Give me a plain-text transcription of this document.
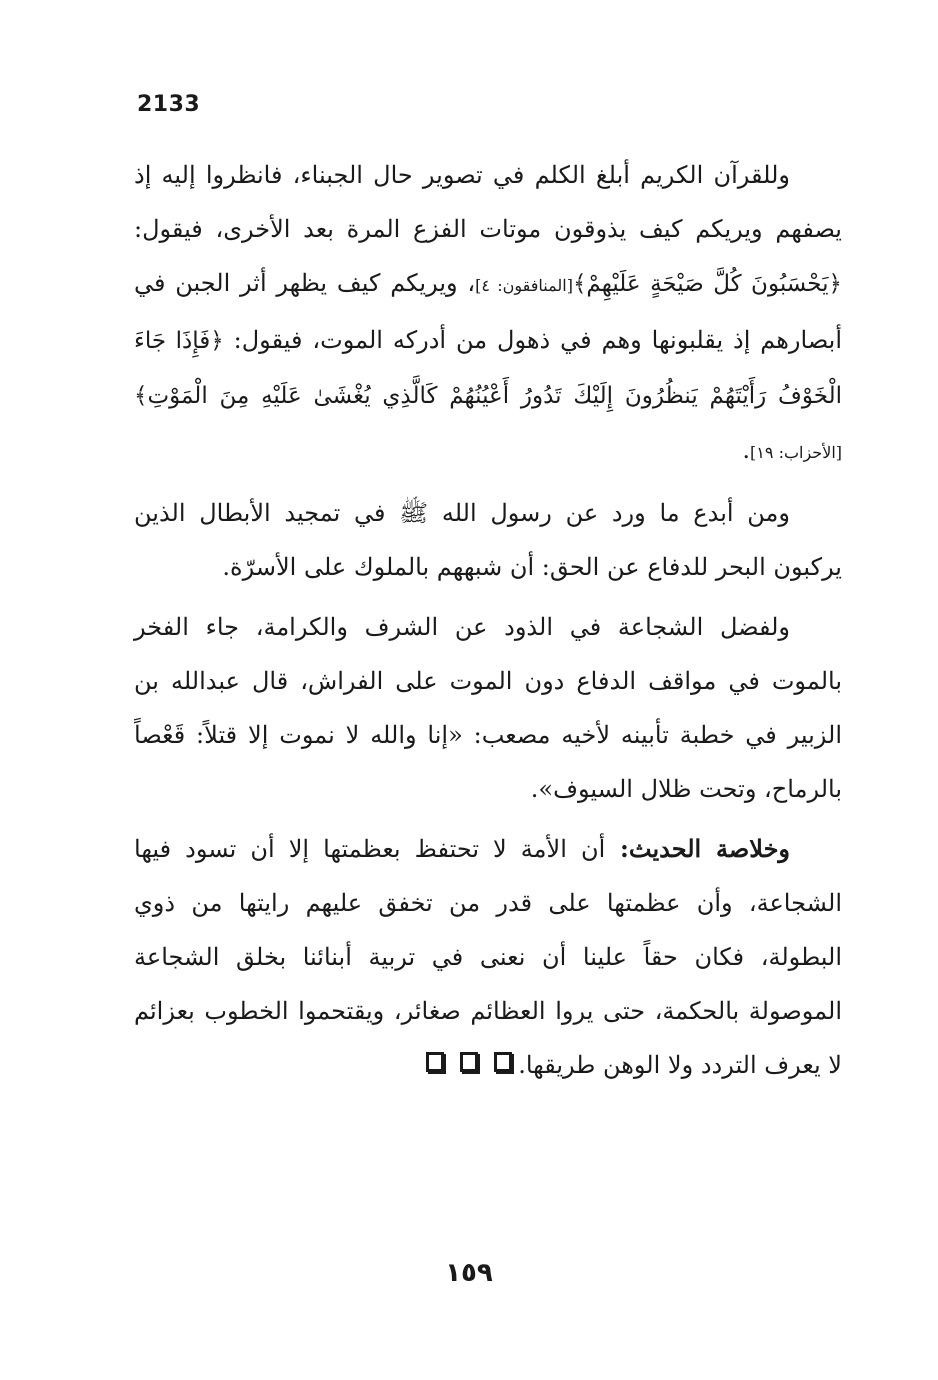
2133

وللقرآن الكريم أبلغ الكلم في تصوير حال الجبناء، فانظروا إليه إذ يصفهم ويريكم كيف يذوقون موتات الفزع المرة بعد الأخرى، فيقول: ﴿يَحْسَبُونَ كُلَّ صَيْحَةٍ عَلَيْهِمْ﴾[المنافقون: ٤]، ويريكم كيف يظهر أثر الجبن في أبصارهم إذ يقلبونها وهم في ذهول من أدركه الموت، فيقول: ﴿فَإِذَا جَاءَ الْخَوْفُ رَأَيْتَهُمْ يَنظُرُونَ إِلَيْكَ تَدُورُ أَعْيُنُهُمْ كَالَّذِي يُغْشَىٰ عَلَيْهِ مِنَ الْمَوْتِ﴾[الأحزاب: ١٩].

ومن أبدع ما ورد عن رسول الله ﷺ في تمجيد الأبطال الذين يركبون البحر للدفاع عن الحق: أن شبههم بالملوك على الأسرّة.

ولفضل الشجاعة في الذود عن الشرف والكرامة، جاء الفخر بالموت في مواقف الدفاع دون الموت على الفراش، قال عبدالله بن الزبير في خطبة تأبينه لأخيه مصعب: «إنا والله لا نموت إلا قتلاً: قَعْصاً بالرماح، وتحت ظلال السيوف».

وخلاصة الحديث: أن الأمة لا تحتفظ بعظمتها إلا أن تسود فيها الشجاعة، وأن عظمتها على قدر من تخفق عليهم رايتها من ذوي البطولة، فكان حقاً علينا أن نعنى في تربية أبنائنا بخلق الشجاعة الموصولة بالحكمة، حتى يروا العظائم صغائر، ويقتحموا الخطوب بعزائم لا يعرف التردد ولا الوهن طريقها.

١٥٩
